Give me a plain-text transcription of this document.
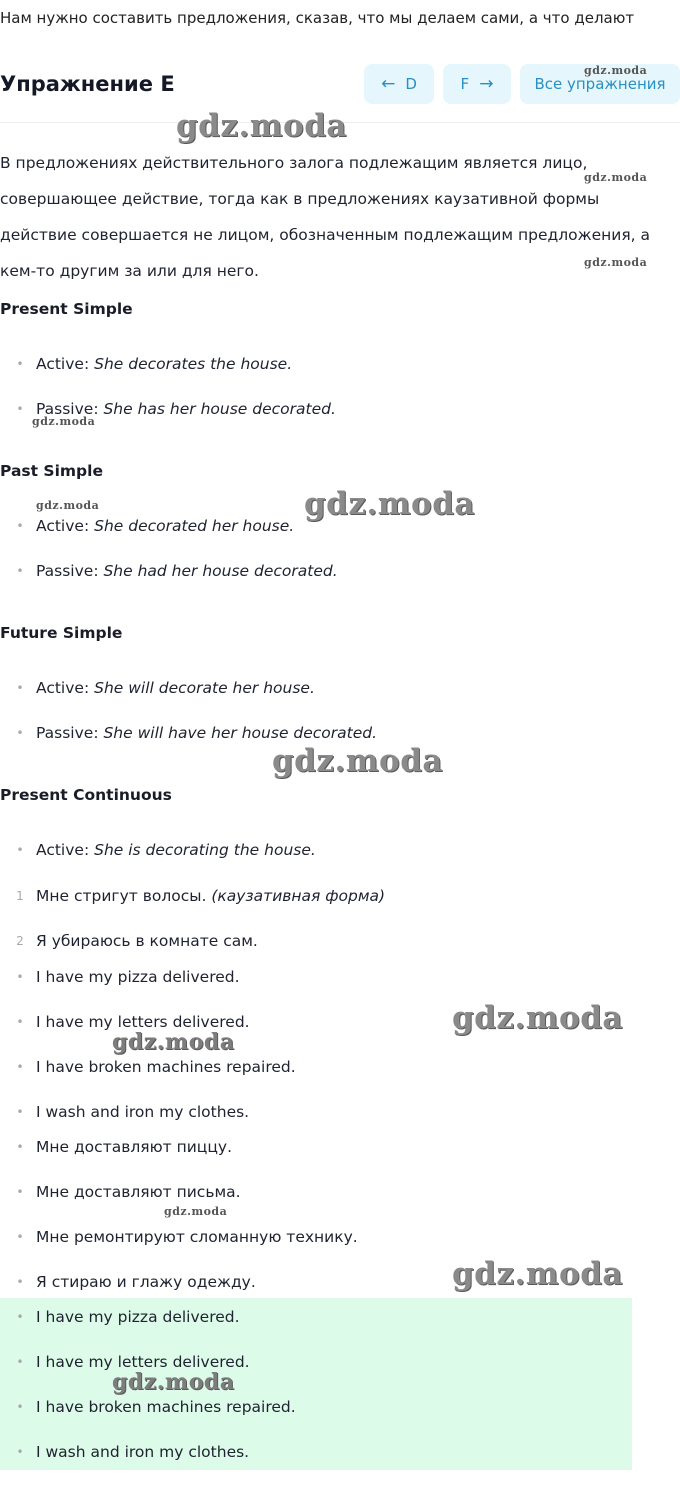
Нам нужно составить предложения, сказав, что мы делаем сами, а что делают
Упражнение E	← D	F →	Все упражнения
В предложениях действительного залога подлежащим является лицо,
совершающее действие, тогда как в предложениях каузативной формы
действие совершается не лицом, обозначенным подлежащим предложения, а
кем-то другим за или для него.
Present Simple
• Active: She decorates the house.
• Passive: She has her house decorated.
Past Simple
• Active: She decorated her house.
• Passive: She had her house decorated.
Future Simple
• Active: She will decorate her house.
• Passive: She will have her house decorated.
Present Continuous
• Active: She is decorating the house.
1 Мне стригут волосы. (каузативная форма)
2 Я убираюсь в комнате сам.
• I have my pizza delivered.
• I have my letters delivered.
• I have broken machines repaired.
• I wash and iron my clothes.
• Мне доставляют пиццу.
• Мне доставляют письма.
• Мне ремонтируют сломанную технику.
• Я стираю и глажу одежду.
• I have my pizza delivered.
• I have my letters delivered.
• I have broken machines repaired.
• I wash and iron my clothes.
gdz.moda
gdz.moda
gdz.moda
gdz.moda
gdz.moda
gdz.moda	gdz.moda
gdz.moda
gdz.moda
gdz.moda
gdz.moda
gdz.moda
gdz.moda
